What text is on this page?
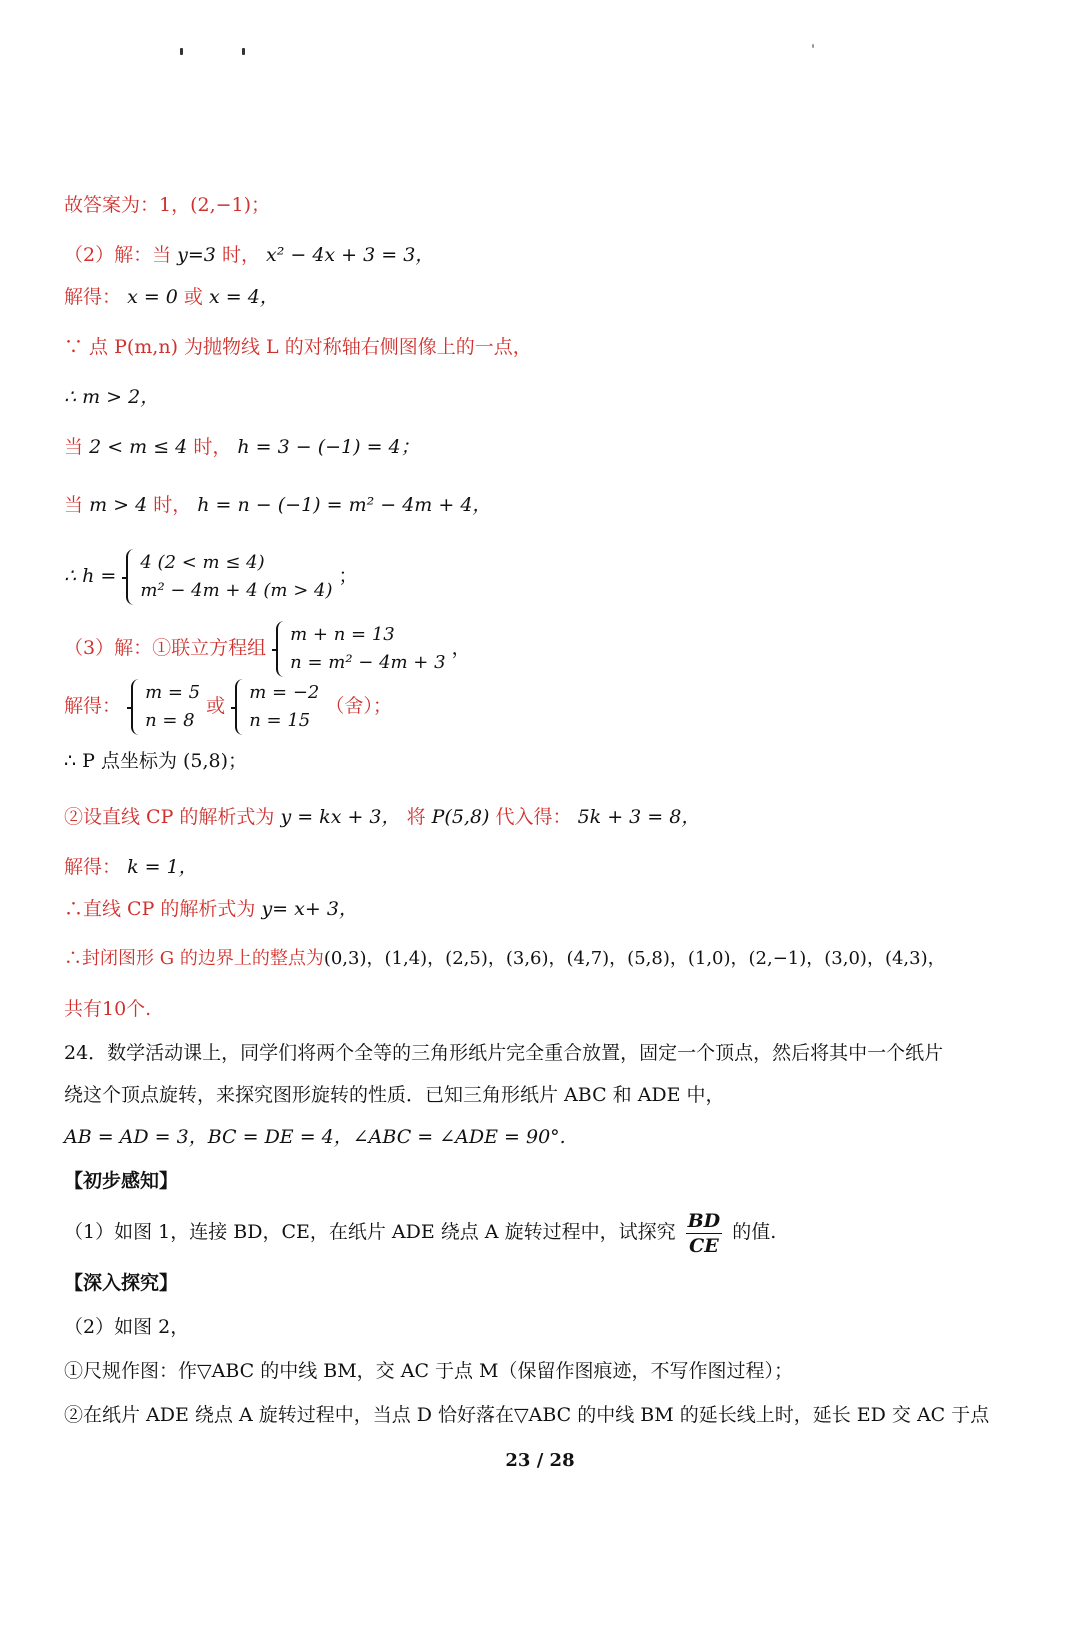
故答案为：1，(2,−1)；
（2）解：当 y=3 时， x² − 4x + 3 = 3，
解得： x = 0 或 x = 4，
∵ 点 P(m,n) 为抛物线 L 的对称轴右侧图像上的一点，
∴ m > 2，
当 2 < m ≤ 4 时， h = 3 − (−1) = 4；
当 m > 4 时， h = n − (−1) = m² − 4m + 4，
∴ h =
4 (2 < m ≤ 4)
m² − 4m + 4 (m > 4)
；
（3）解：①联立方程组
m + n = 13
n = m² − 4m + 3
，
解得：
m = 5
n = 8
或
m = −2
n = 15
（舍）；
∴ P 点坐标为 (5,8)；
②设直线 CP 的解析式为 y = kx + 3， 将 P(5,8) 代入得： 5k + 3 = 8，
解得： k = 1，
∴直线 CP 的解析式为 y= x+ 3，
∴封闭图形 G 的边界上的整点为(0,3)，(1,4)，(2,5)，(3,6)，(4,7)，(5,8)，(1,0)，(2,−1)，(3,0)，(4,3)，
共有10个.
24．数学活动课上，同学们将两个全等的三角形纸片完全重合放置，固定一个顶点，然后将其中一个纸片
绕这个顶点旋转，来探究图形旋转的性质．已知三角形纸片 ABC 和 ADE 中，
AB = AD = 3，BC = DE = 4，∠ABC = ∠ADE = 90°.
【初步感知】
（1）如图 1，连接 BD，CE，在纸片 ADE 绕点 A 旋转过程中，试探究 $\frac{BD}{CE}$ 的值.
【深入探究】
（2）如图 2，
①尺规作图：作▽ABC 的中线 BM，交 AC 于点 M（保留作图痕迹，不写作图过程）；
②在纸片 ADE 绕点 A 旋转过程中，当点 D 恰好落在▽ABC 的中线 BM 的延长线上时，延长 ED 交 AC 于点
23 / 28
